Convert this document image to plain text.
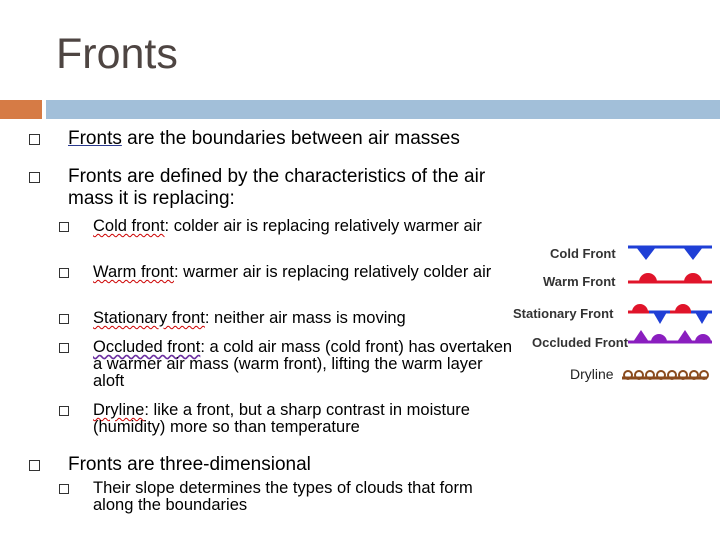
Fronts
Fronts are the boundaries between air masses
Fronts are defined by the characteristics of the air mass it is replacing:
Cold front: colder air is replacing relatively warmer air
Warm front: warmer air is replacing relatively colder air
Stationary front: neither air mass is moving
Occluded front: a cold air mass (cold front) has overtaken a warmer air mass (warm front), lifting the warm layer aloft
Dryline: like a front, but a sharp contrast in moisture (humidity) more so than temperature
Fronts are three-dimensional
Their slope determines the types of clouds that form along the boundaries
Cold Front
Warm Front
Stationary Front
Occluded Front
Dryline
